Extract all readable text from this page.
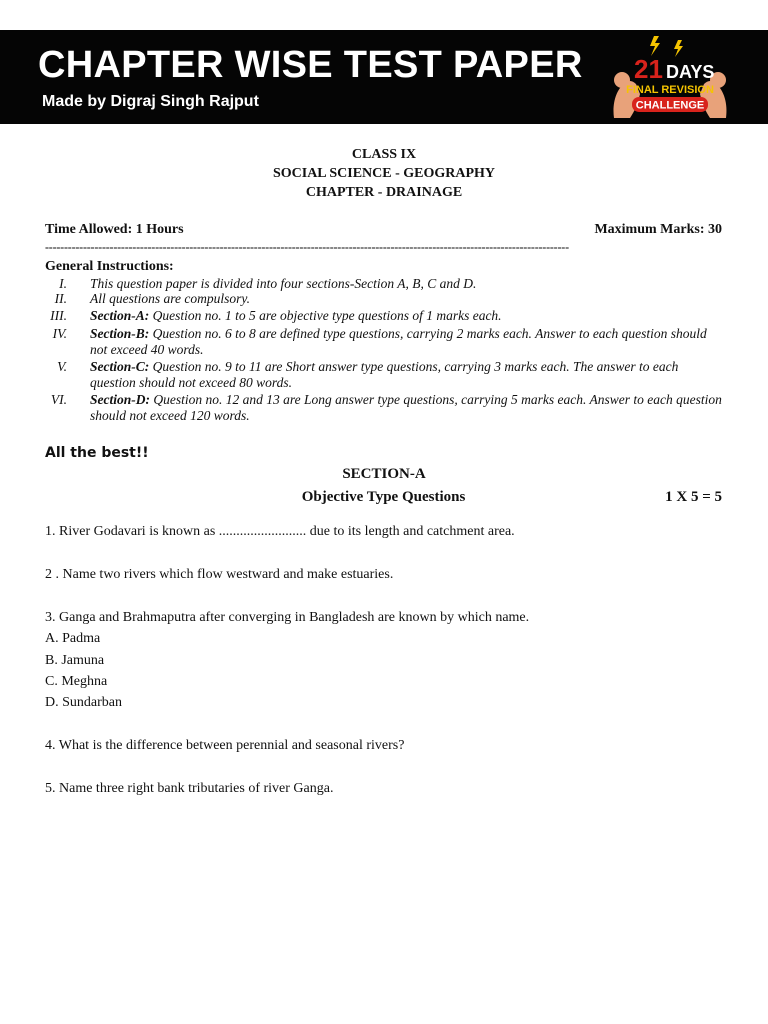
CHAPTER WISE TEST PAPER
Made by Digraj Singh Rajput
21 DAYS
FINAL REVISION
CHALLENGE
CLASS IX
SOCIAL SCIENCE - GEOGRAPHY
CHAPTER - DRAINAGE
Time Allowed: 1 Hours	Maximum Marks: 30
------------------------------------------------------------------------------------------------------------------------------------------
General Instructions:
I. This question paper is divided into four sections-Section A, B, C and D.
II. All questions are compulsory.
III. Section-A: Question no. 1 to 5 are objective type questions of 1 marks each.
IV. Section-B: Question no. 6 to 8 are defined type questions, carrying 2 marks each. Answer to each question should not exceed 40 words.
V. Section-C: Question no. 9 to 11 are Short answer type questions, carrying 3 marks each. The answer to each question should not exceed 80 words.
VI. Section-D: Question no. 12 and 13 are Long answer type questions, carrying 5 marks each. Answer to each question should not exceed 120 words.
All the best!!
SECTION-A
Objective Type Questions	1 X 5 = 5
1. River Godavari is known as ......................... due to its length and catchment area.
2 . Name two rivers which flow westward and make estuaries.
3. Ganga and Brahmaputra after converging in Bangladesh are known by which name.
A. Padma
B. Jamuna
C. Meghna
D. Sundarban
4. What is the difference between perennial and seasonal rivers?
5. Name three right bank tributaries of river Ganga.
